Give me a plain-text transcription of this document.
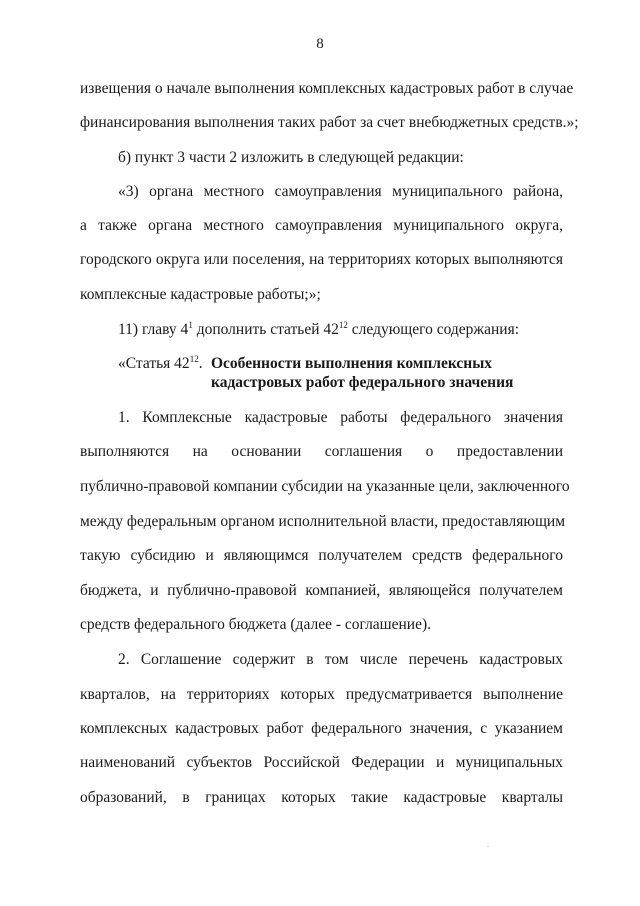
8
извещения о начале выполнения комплексных кадастровых работ в случае
финансирования выполнения таких работ за счет внебюджетных средств.»;
б) пункт 3 части 2 изложить в следующей редакции:
«3) органа местного самоуправления муниципального района,
а также органа местного самоуправления муниципального округа,
городского округа или поселения, на территориях которых выполняются
комплексные кадастровые работы;»;
11) главу $4^1$ дополнить статьей $42^{12}$ следующего содержания:
«Статья $42^{12}$. Особенности выполнения комплексных
кадастровых работ федерального значения
1. Комплексные кадастровые работы федерального значения
выполняются на основании соглашения о предоставлении
публично-правовой компании субсидии на указанные цели, заключенного
между федеральным органом исполнительной власти, предоставляющим
такую субсидию и являющимся получателем средств федерального
бюджета, и публично-правовой компанией, являющейся получателем
средств федерального бюджета (далее - соглашение).
2. Соглашение содержит в том числе перечень кадастровых
кварталов, на территориях которых предусматривается выполнение
комплексных кадастровых работ федерального значения, с указанием
наименований субъектов Российской Федерации и муниципальных
образований, в границах которых такие кадастровые кварталы
